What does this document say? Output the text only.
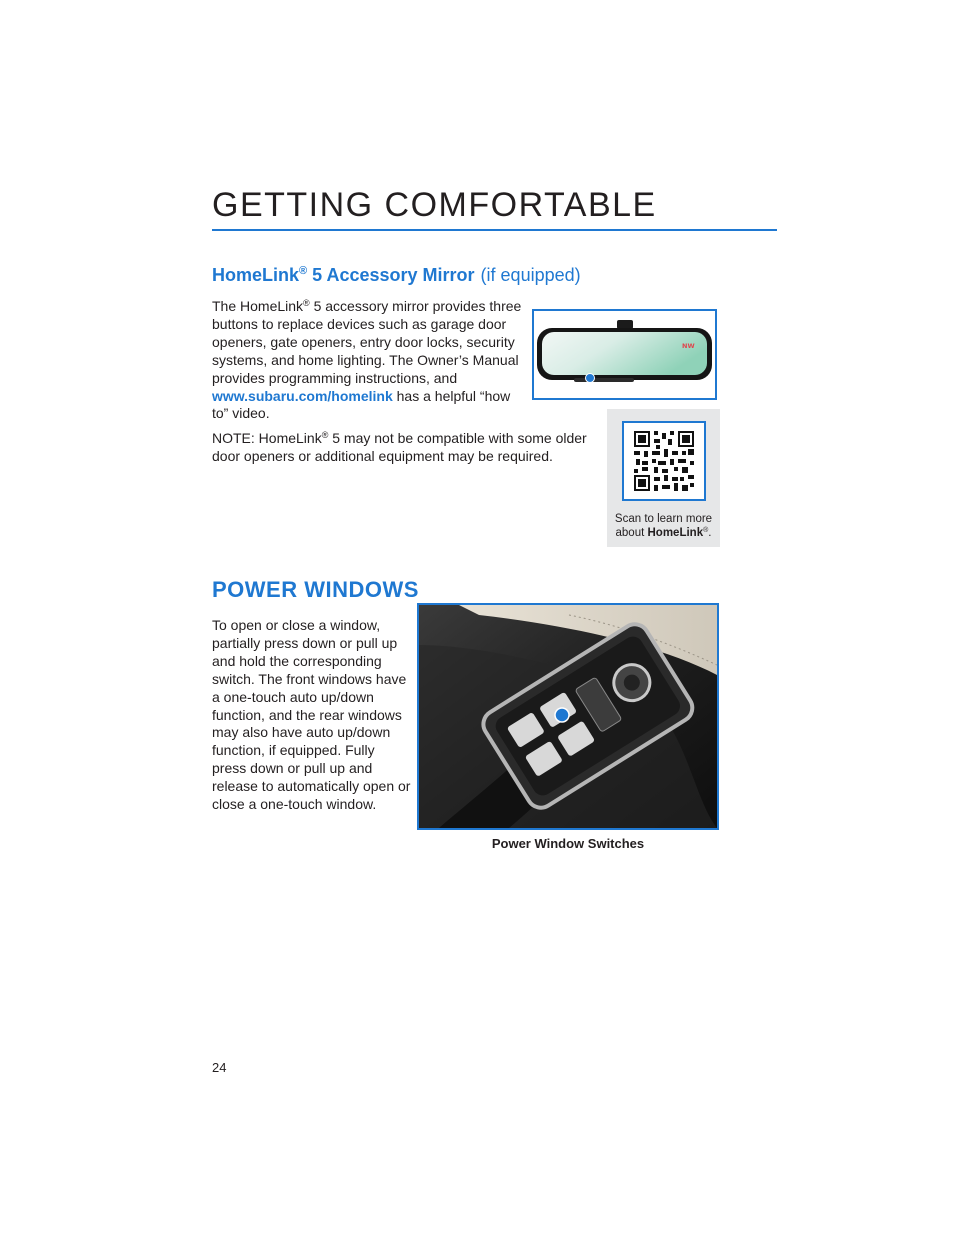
GETTING COMFORTABLE
HomeLink® 5 Accessory Mirror (if equipped)

The HomeLink® 5 accessory mirror provides three buttons to replace devices such as garage door openers, gate openers, entry door locks, security systems, and home lighting. The Owner’s Manual provides programming instructions, and www.subaru.com/homelink has a helpful “how to” video.

NOTE: HomeLink® 5 may not be compatible with some older door openers or additional equipment may be required.

NW
Scan to learn more
about HomeLink®.
POWER WINDOWS

To open or close a window, partially press down or pull up and hold the corresponding switch. The front windows have a one-touch auto up/down function, and the rear windows may also have auto up/down function, if equipped. Fully press down or pull up and release to automatically open or close a one-touch window.

Power Window Switches

24
